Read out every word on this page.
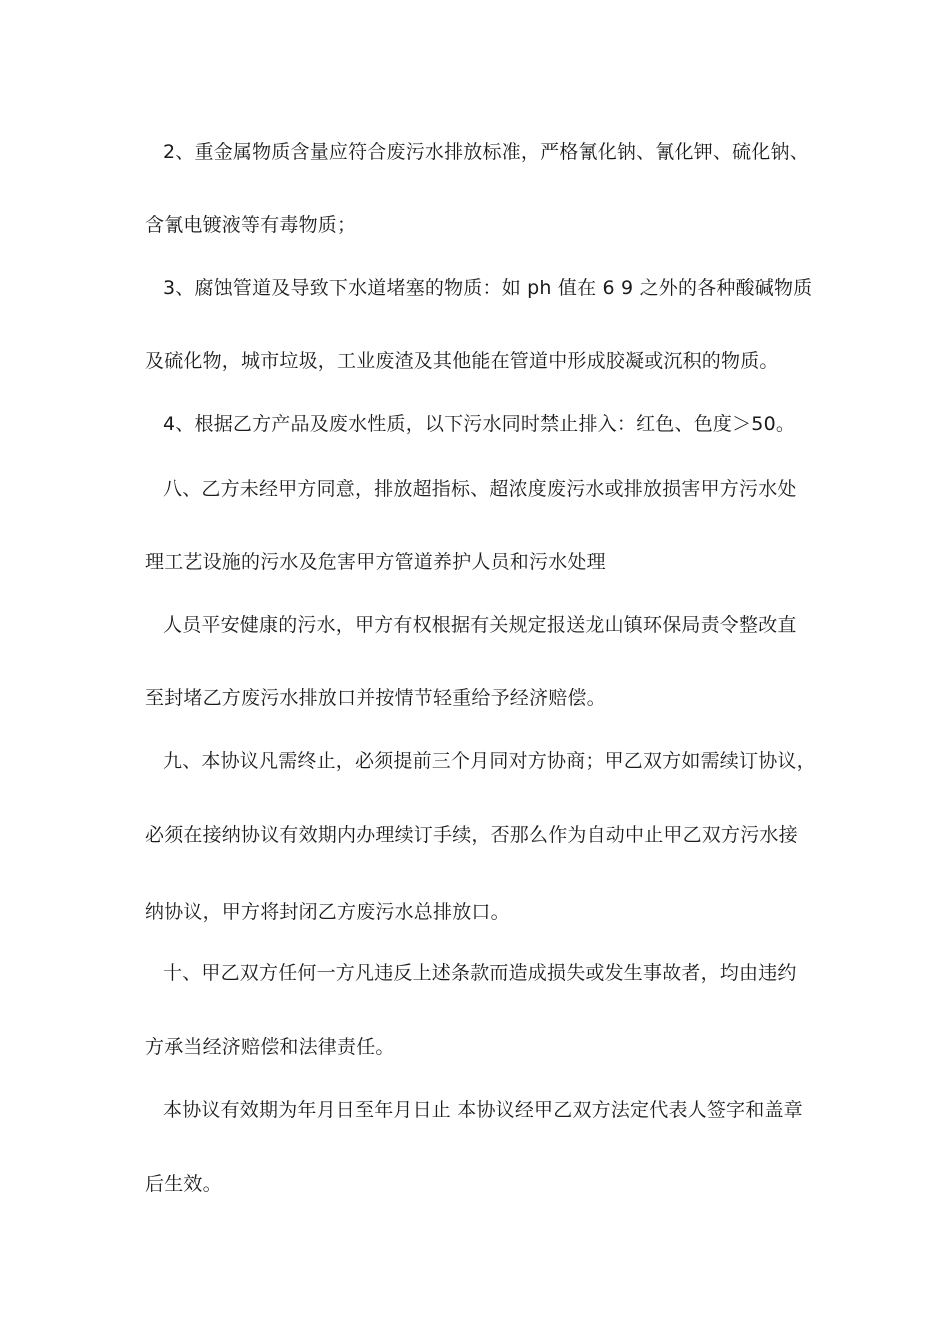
2、重金属物质含量应符合废污水排放标准，严格氰化钠、氰化钾、硫化钠、
含氰电镀液等有毒物质；
3、腐蚀管道及导致下水道堵塞的物质：如 ph 值在 6 9 之外的各种酸碱物质
及硫化物，城市垃圾，工业废渣及其他能在管道中形成胶凝或沉积的物质。
4、根据乙方产品及废水性质，以下污水同时禁止排入：红色、色度＞50。
八、乙方未经甲方同意，排放超指标、超浓度废污水或排放损害甲方污水处
理工艺设施的污水及危害甲方管道养护人员和污水处理
人员平安健康的污水，甲方有权根据有关规定报送龙山镇环保局责令整改直
至封堵乙方废污水排放口并按情节轻重给予经济赔偿。
九、本协议凡需终止，必须提前三个月同对方协商；甲乙双方如需续订协议，
必须在接纳协议有效期内办理续订手续，否那么作为自动中止甲乙双方污水接
纳协议，甲方将封闭乙方废污水总排放口。
十、甲乙双方任何一方凡违反上述条款而造成损失或发生事故者，均由违约
方承当经济赔偿和法律责任。
本协议有效期为年月日至年月日止 本协议经甲乙双方法定代表人签字和盖章
后生效。
